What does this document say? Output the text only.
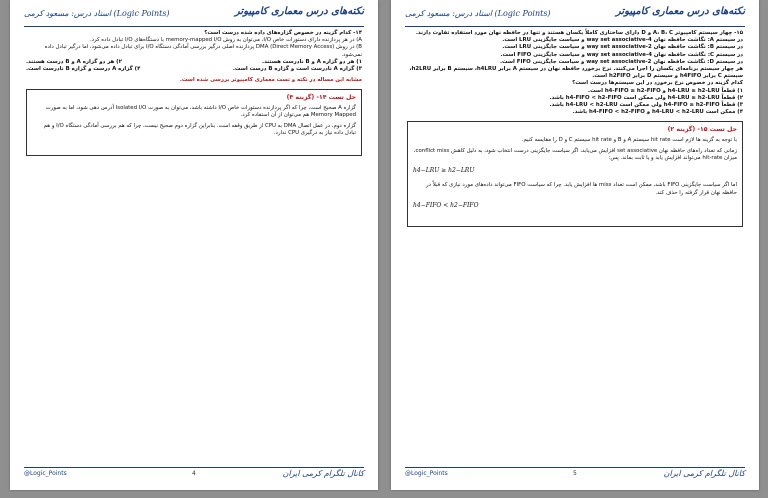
استاد درس: مسعود کرمی (Logic Points)	نکته‌های درس معماری کامپیوتر
۱۴- کدام گزینه در خصوص گزاره‌های داده شده درست است؟
A) در هر پردازنده دارای دستورات خاص I/O، می‌توان به روش memory-mapped I/O با دستگاه‌های I/O تبادل داده کرد.
B) در روش DMA (Direct Memory Access) پردازنده اصلی درگیر بررسی آمادگی دستگاه I/O برای تبادل داده می‌شود، اما درگیر تبادل داده نمی‌شود.
۱) هر دو گزاره A و B نادرست هستند.
۲) هر دو گزاره A و B درست هستند.
۳) گزاره A نادرست است و گزاره B درست است.
۴) گزاره A درست و گزاره B نادرست است.
مشابه این مساله در نکته و تست معماری کامپیوتر بررسی شده است.
حل تست ۱۴- (گزینه ۴)

گزاره A صحیح است، چرا که اگر پردازنده دستورات خاص I/O داشته باشد، می‌توان به صورت Isolated I/O آدرس دهی شود، اما به صورت Memory Mapped هم می‌توان از آن استفاده کرد.

گزاره دوم، در عمل اتصال DMA به CPU از طریق وقفه است. بنابراین گزاره دوم صحیح نیست، چرا که هم بررسی آمادگی دستگاه I/O و هم تبادل داده نیاز به درگیری CPU ندارد.

@Logic_Points	4	کانال تلگرام کرمی ایران
استاد درس: مسعود کرمی (Logic Points)	نکته‌های درس معماری کامپیوتر
۱۵- چهار سیستم کامپیوتر A، B، C و D دارای ساختاری کاملاً یکسان هستند و تنها در حافظه نهان مورد استفاده تفاوت دارند.
در سیستم A: نگاشت حافظه نهان 4-way set associative و سیاست جایگزینی LRU است.
در سیستم B: نگاشت حافظه نهان 2-way set associative و سیاست جایگزینی LRU است.
در سیستم C: نگاشت حافظه نهان 4-way set associative و سیاست جایگزینی FIFO است.
در سیستم D: نگاشت حافظه نهان 2-way set associative و سیاست جایگزینی FIFO است.
هر چهار سیستم برنامه‌ای یکسان را اجرا می‌کنند. نرخ برخورد حافظه نهان در سیستم A برابر h4LRU، سیستم B برابر h2LRU، سیستم C برابر h4FIFO و سیستم D برابر h2FIFO است.
کدام گزینه در خصوص نرخ برخورد در این سیستم‌ها درست است؟
۱) قطعاً h4-LRU ≥ h2-LRU و h4-FIFO ≥ h2-FIFO است.
۲) قطعاً h4-LRU ≥ h2-LRU ولی ممکن است h4-FIFO < h2-FIFO باشد.
۳) قطعاً h4-FIFO ≥ h2-FIFO ولی ممکن است h4-LRU < h2-LRU باشد.
۴) ممکن است h4-LRU < h2-LRU و h4-FIFO < h2-FIFO باشد.
حل تست ۱۵- (گزینه ۲)

با توجه به گزینه ها لازم است hit rate سیستم A و B و hit rate سیستم C و D را مقایسه کنیم.

زمانی که تعداد راه‌های حافظه نهان set associative افزایش می‌یابد، اگر سیاست جایگزینی درست انتخاب شود، به دلیل کاهش conflict miss، میزان hit-rate می‌تواند افزایش یابد و یا ثابت بماند. پس:

h4−LRU ≥ h2−LRU

اما اگر سیاست جایگزینی FIFO باشد، ممکن است تعداد miss ها افزایش یابد. چرا که سیاست FIFO می‌تواند داده‌های مورد نیازی که قبلاً در حافظه نهان قرار گرفته را حذف کند.

h4−FIFO < h2−FIFO
@Logic_Points	5	کانال تلگرام کرمی ایران
